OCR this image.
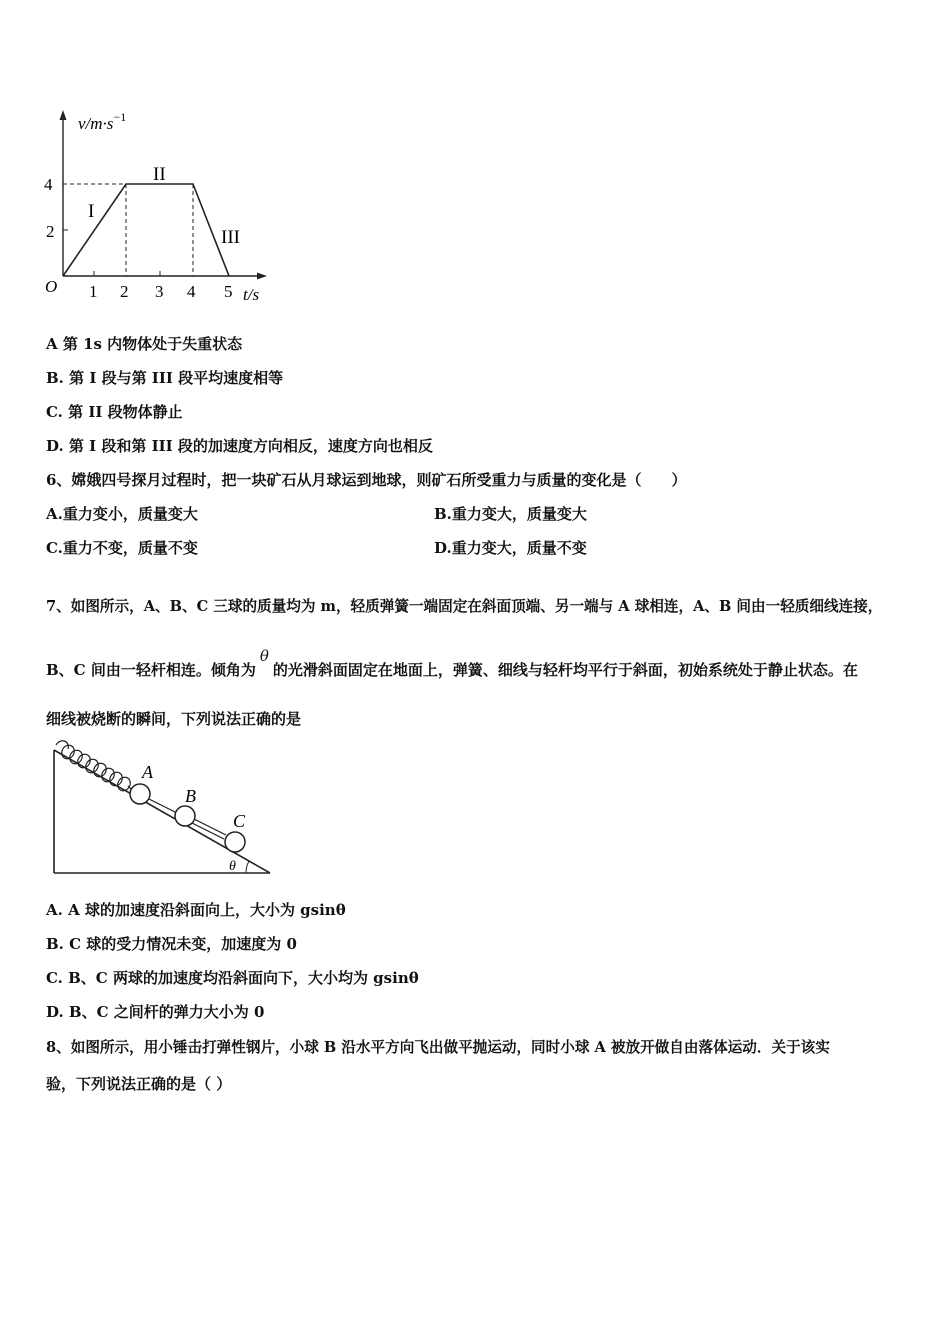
$v/m\cdot s^{-1}$
4
2
O 1 2 3 4 5 t/s
I
II
III
A 第 1s 内物体处于失重状态
B. 第 I 段与第 III 段平均速度相等
C. 第 II 段物体静止
D. 第 I 段和第 III 段的加速度方向相反，速度方向也相反
6、嫦娥四号探月过程时，把一块矿石从月球运到地球，则矿石所受重力与质量的变化是（　　）
A.重力变小，质量变大	B.重力变大，质量变大
C.重力不变，质量不变	D.重力变大，质量不变
7、如图所示，A、B、C 三球的质量均为 m，轻质弹簧一端固定在斜面顶端、另一端与 A 球相连，A、B 间由一轻质细线连接，
B、C 间由一轻杆相连。倾角为θ的光滑斜面固定在地面上，弹簧、细线与轻杆均平行于斜面，初始系统处于静止状态。在
细线被烧断的瞬间，下列说法正确的是
A
B
C
θ
A. A 球的加速度沿斜面向上，大小为 gsinθ
B. C 球的受力情况未变，加速度为 0
C. B、C 两球的加速度均沿斜面向下，大小均为 gsinθ
D. B、C 之间杆的弹力大小为 0
8、如图所示，用小锤击打弹性钢片，小球 B 沿水平方向飞出做平抛运动，同时小球 A 被放开做自由落体运动．关于该实
验，下列说法正确的是（ ）
